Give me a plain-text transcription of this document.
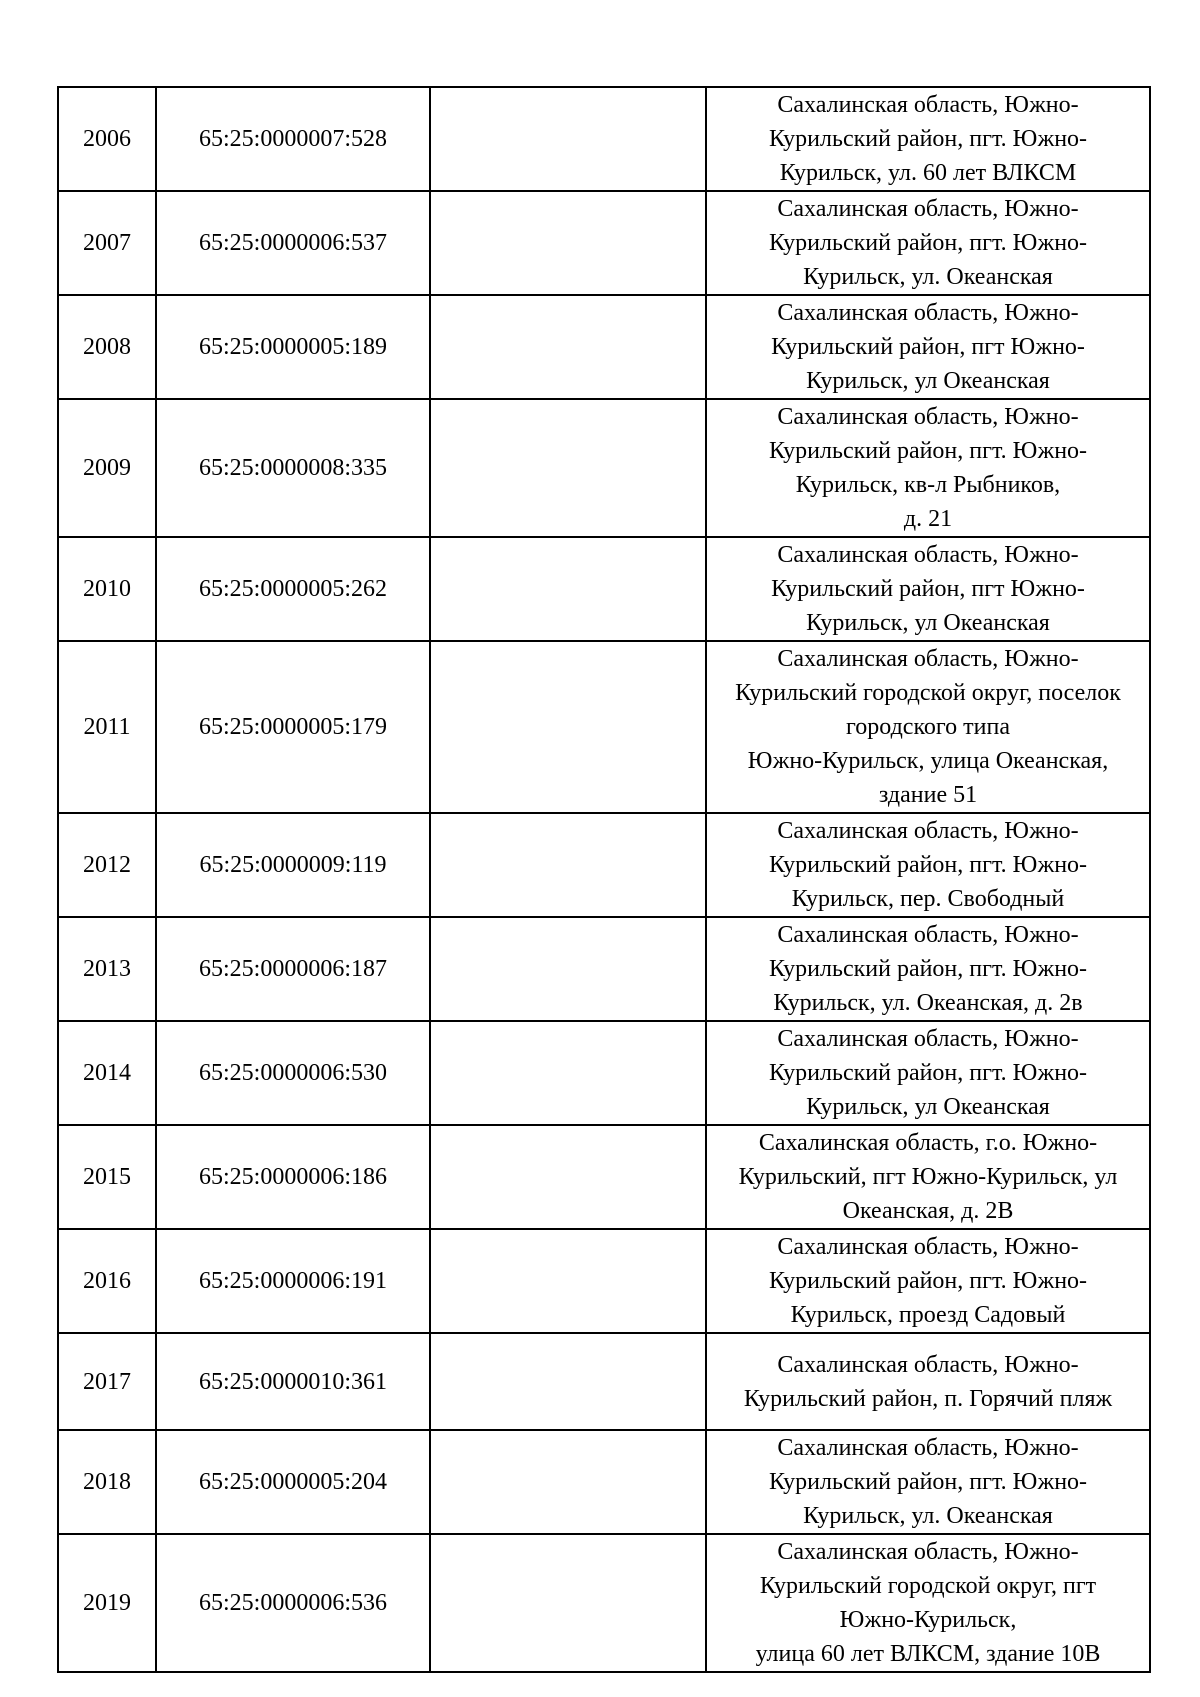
2006	65:25:0000007:528		Сахалинская область, Южно-
Курильский район, пгт. Южно-
Курильск, ул. 60 лет ВЛКСМ

2007	65:25:0000006:537		Сахалинская область, Южно-
Курильский район, пгт. Южно-
Курильск, ул. Океанская

2008	65:25:0000005:189		Сахалинская область, Южно-
Курильский район, пгт Южно-
Курильск, ул Океанская

2009	65:25:0000008:335		Сахалинская область, Южно-
Курильский район, пгт. Южно-
Курильск, кв-л Рыбников,
д. 21

2010	65:25:0000005:262		Сахалинская область, Южно-
Курильский район, пгт Южно-
Курильск, ул Океанская

2011	65:25:0000005:179		Сахалинская область, Южно-
Курильский городской округ, поселок
городского типа
Южно-Курильск, улица Океанская,
здание 51

2012	65:25:0000009:119		Сахалинская область, Южно-
Курильский район, пгт. Южно-
Курильск, пер. Свободный

2013	65:25:0000006:187		Сахалинская область, Южно-
Курильский район, пгт. Южно-
Курильск, ул. Океанская, д. 2в

2014	65:25:0000006:530		Сахалинская область, Южно-
Курильский район, пгт. Южно-
Курильск, ул Океанская

2015	65:25:0000006:186		Сахалинская область, г.о. Южно-
Курильский, пгт Южно-Курильск, ул
Океанская, д. 2В

2016	65:25:0000006:191		Сахалинская область, Южно-
Курильский район, пгт. Южно-
Курильск, проезд Садовый

2017	65:25:0000010:361		Сахалинская область, Южно-
Курильский район, п. Горячий пляж

2018	65:25:0000005:204		Сахалинская область, Южно-
Курильский район, пгт. Южно-
Курильск, ул. Океанская

2019	65:25:0000006:536		Сахалинская область, Южно-
Курильский городской округ, пгт
Южно-Курильск,
улица 60 лет ВЛКСМ, здание 10В
